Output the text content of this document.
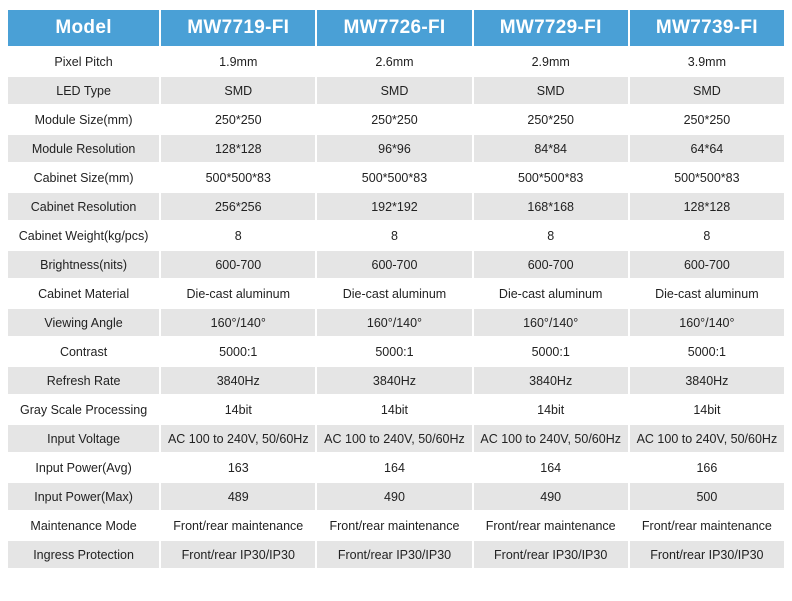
Model	MW7719-FI	MW7726-FI	MW7729-FI	MW7739-FI
Pixel Pitch	1.9mm	2.6mm	2.9mm	3.9mm
LED Type	SMD	SMD	SMD	SMD
Module Size(mm)	250*250	250*250	250*250	250*250
Module Resolution	128*128	96*96	84*84	64*64
Cabinet Size(mm)	500*500*83	500*500*83	500*500*83	500*500*83
Cabinet Resolution	256*256	192*192	168*168	128*128
Cabinet Weight(kg/pcs)	8	8	8	8
Brightness(nits)	600-700	600-700	600-700	600-700
Cabinet Material	Die-cast aluminum	Die-cast aluminum	Die-cast aluminum	Die-cast aluminum
Viewing Angle	160°/140°	160°/140°	160°/140°	160°/140°
Contrast	5000:1	5000:1	5000:1	5000:1
Refresh Rate	3840Hz	3840Hz	3840Hz	3840Hz
Gray Scale Processing	14bit	14bit	14bit	14bit
Input Voltage	AC 100 to 240V, 50/60Hz	AC 100 to 240V, 50/60Hz	AC 100 to 240V, 50/60Hz	AC 100 to 240V, 50/60Hz
Input Power(Avg)	163	164	164	166
Input Power(Max)	489	490	490	500
Maintenance Mode	Front/rear maintenance	Front/rear maintenance	Front/rear maintenance	Front/rear maintenance
Ingress Protection	Front/rear IP30/IP30	Front/rear IP30/IP30	Front/rear IP30/IP30	Front/rear IP30/IP30
